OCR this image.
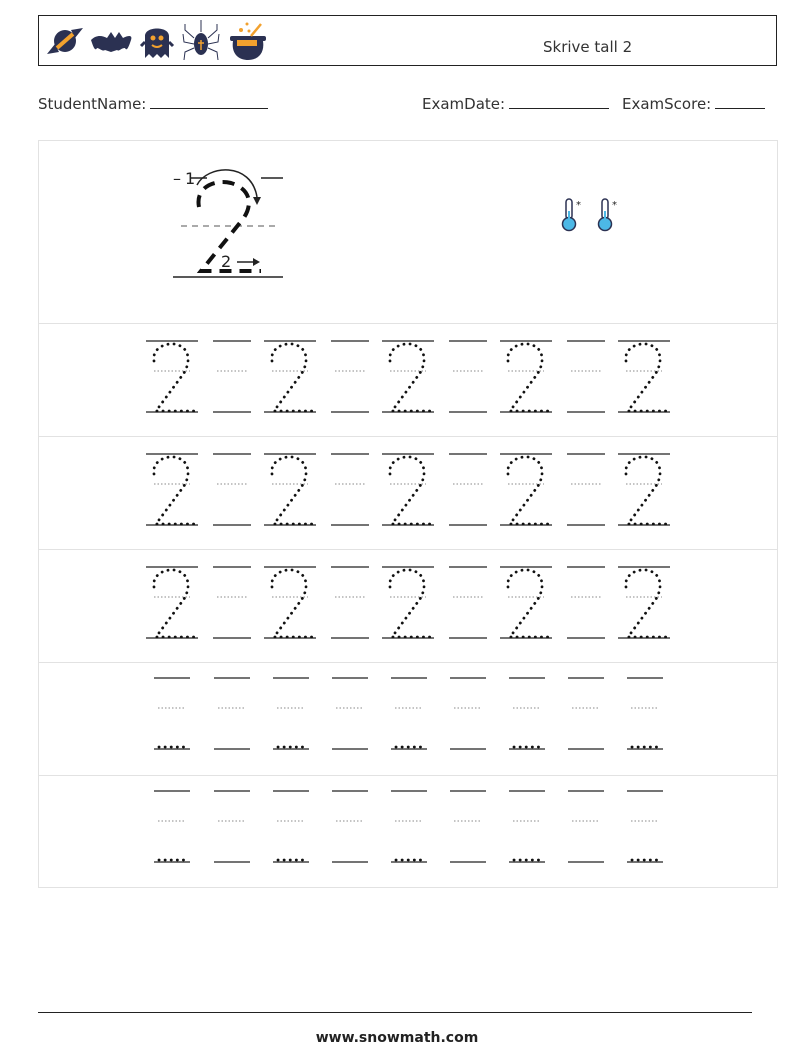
Skrive tall 2
StudentName:	ExamDate:	ExamScore:
– 1
2
*	*
www.snowmath.com
